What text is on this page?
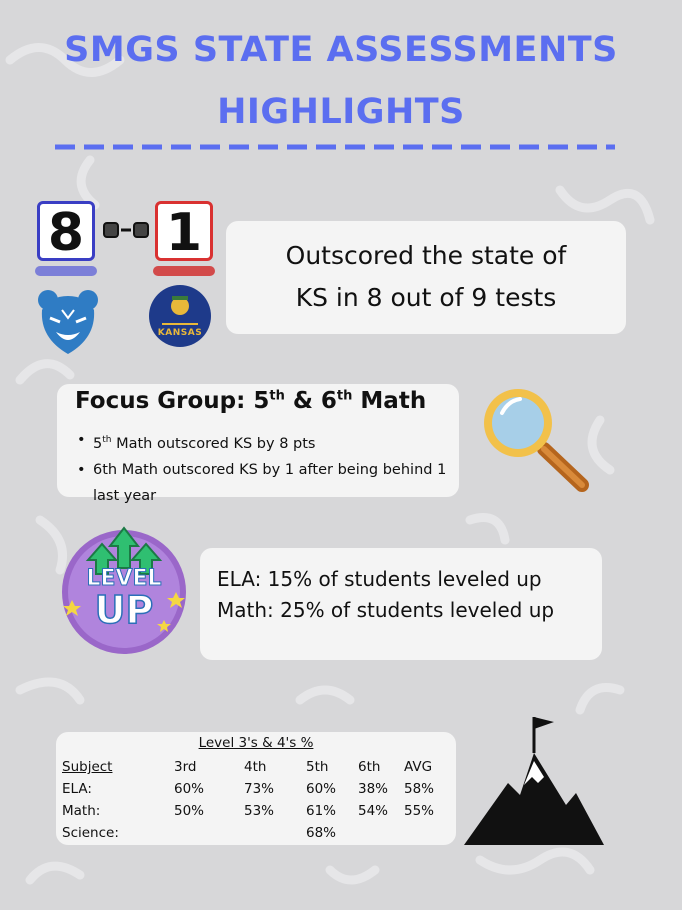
SMGS STATE ASSESSMENTS
HIGHLIGHTS
8 1
KANSAS
Outscored the state of
KS in 8 out of 9 tests
Focus Group: 5th & 6th Math
• 5th Math outscored KS by 8 pts
• 6th Math outscored KS by 1 after being behind 1 last year
LEVEL
UP
ELA: 15% of students leveled up
Math: 25% of students leveled up
Level 3's & 4's %
Subject	3rd	4th	5th	6th	AVG
ELA:	60%	73%	60%	38%	58%
Math:	50%	53%	61%	54%	55%
Science:			68%		
